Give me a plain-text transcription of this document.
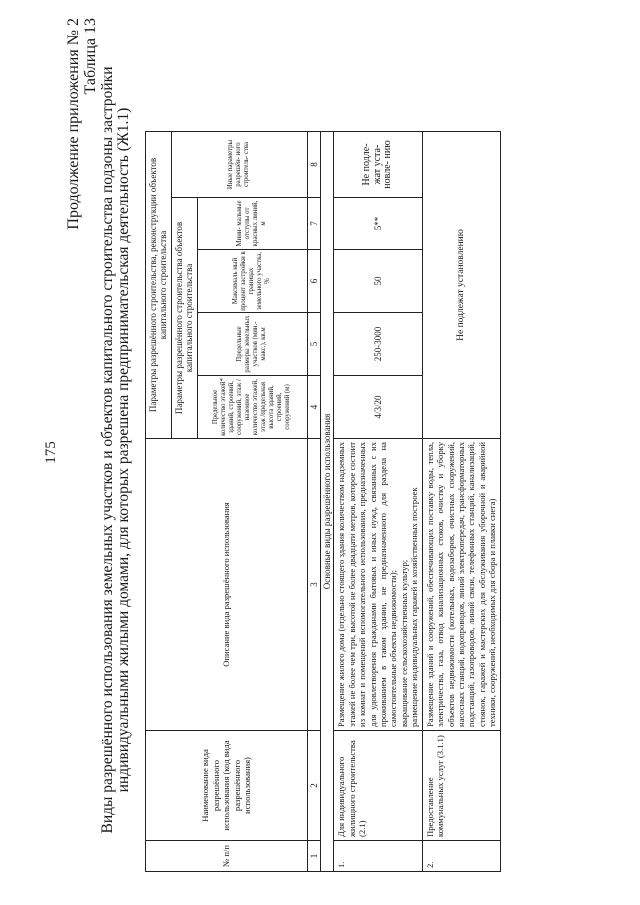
175
Продолжение приложения № 2 Таблица 13
Виды разрешённого использования земельных участков и объектов капитального строительства подзоны застройки индивидуальными жилыми домами, для которых разрешена предпринимательская деятельность (Ж1.1)
№ п/п	Наименование вида разрешённого использования (код вида разрешённого использования)	Описание вида разрешённого использования	Параметры разрешённого строительства, реконструкции объектов капитального строительства				
			Параметры разрешённого строительства объектов капитального строительства				Иные параметры разрешён- ного строитель- ства
			Предельное количество этажей* зданий, строений, сооружений, этаж / наземное количество этажей, этаж /предельная высота зданий, строений, сооружений (м)	Предельные размеры земельных участков (мин.-макс.), кв.м	Максималь ный процент застройки в границах земельного участка, %	Мини- мальные отступы от красных линий, м	
1	2	3	4	5	6	7	8
Основные виды разрешённого использования							
1.	Для индивидуального жилищного строительства (2.1)	Размещение жилого дома (отдельно стоящего здания количеством надземных этажей не более чем три, высотой не более двадцати метров, которое состоит из комнат и помещений вспомогательного использования, предназначенных для удовлетворения гражданами бытовых и иных нужд, связанных с их проживанием в таком здании, не предназначенного для раздела на самостоятельные объекты недвижимости); выращивание сельскохозяйственных культур; размещение индивидуальных гаражей и хозяйственных построек	4/3/20	250-3000	50	5**	Не подле- жат уста- новле- нию
2.	Предоставление коммунальных услуг (3.1.1)	Размещение зданий и сооружений, обеспечивающих поставку воды, тепла, электричества, газа, отвод канализационных стоков, очистку и уборку объектов недвижимости (котельных, водозаборов, очистных сооружений, насосных станций, водопроводов, линий электропередач, трансформаторных подстанций, газопроводов, линий связи, телефонных станций, канализаций, стоянок, гаражей и мастерских для обслуживания уборочной и аварийной техники, сооружений, необходимых для сбора и плавки снега)	Не подлежат установлению				
